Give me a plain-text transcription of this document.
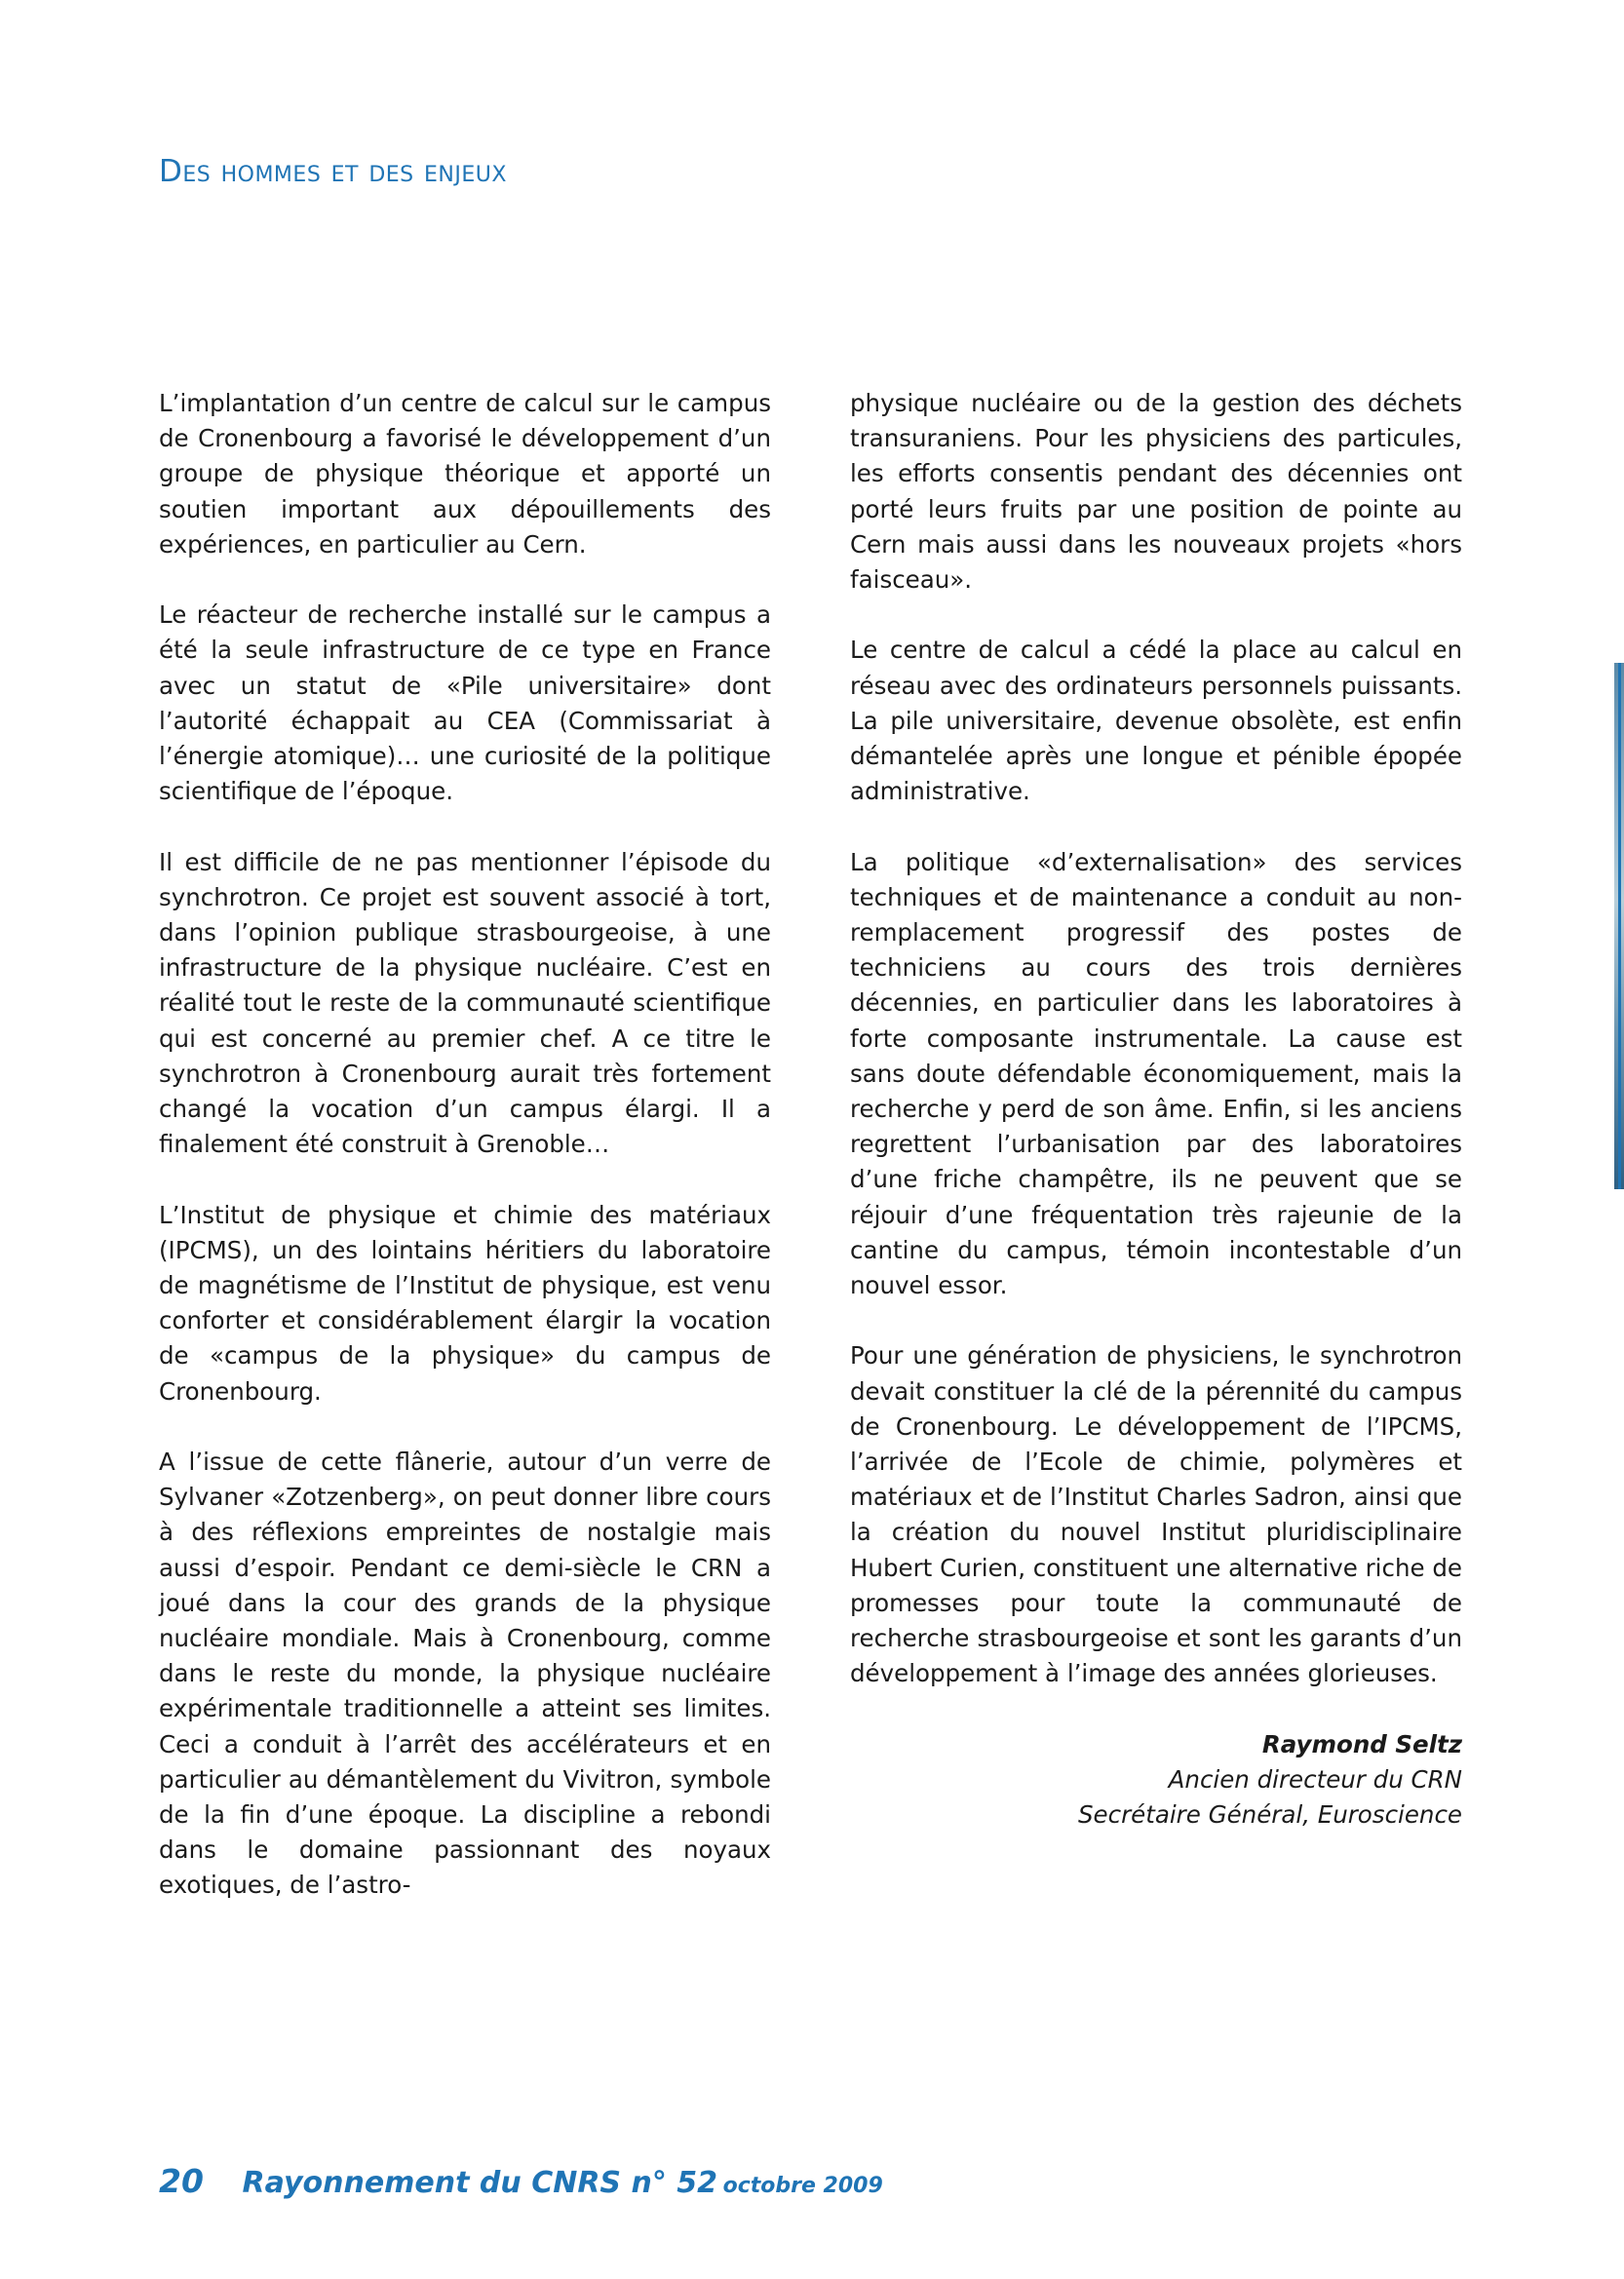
Des hommes et des enjeux

L’implantation d’un centre de calcul sur le campus de Cronenbourg a favorisé le développement d’un groupe de physique théorique et apporté un soutien important aux dépouillements des expériences, en particulier au Cern.

Le réacteur de recherche installé sur le campus a été la seule infrastructure de ce type en France avec un statut de «Pile universitaire» dont l’autorité échappait au CEA (Commissariat à l’énergie atomique)… une curiosité de la politique scientifique de l’époque.

Il est difficile de ne pas mentionner l’épisode du synchrotron. Ce projet est souvent associé à tort, dans l’opinion publique strasbourgeoise, à une infrastructure de la physique nucléaire. C’est en réalité tout le reste de la communauté scientifique qui est concerné au premier chef. A ce titre le synchrotron à Cronenbourg aurait très fortement changé la vocation d’un campus élargi. Il a finalement été construit à Grenoble…

L’Institut de physique et chimie des matériaux (IPCMS), un des lointains héritiers du laboratoire de magnétisme de l’Institut de physique, est venu conforter et considérablement élargir la vocation de «campus de la physique» du campus de Cronenbourg.

A l’issue de cette flânerie, autour d’un verre de Sylvaner «Zotzenberg», on peut donner libre cours à des réflexions empreintes de nostalgie mais aussi d’espoir. Pendant ce demi-siècle le CRN a joué dans la cour des grands de la physique nucléaire mondiale. Mais à Cronenbourg, comme dans le reste du monde, la physique nucléaire expérimentale traditionnelle a atteint ses limites. Ceci a conduit à l’arrêt des accélérateurs et en particulier au démantèlement du Vivitron, symbole de la fin d’une époque. La discipline a rebondi dans le domaine passionnant des noyaux exotiques, de l’astro-

physique nucléaire ou de la gestion des déchets transuraniens. Pour les physiciens des particules, les efforts consentis pendant des décennies ont porté leurs fruits par une position de pointe au Cern mais aussi dans les nouveaux projets «hors faisceau».

Le centre de calcul a cédé la place au calcul en réseau avec des ordinateurs personnels puissants. La pile universitaire, devenue obsolète, est enfin démantelée après une longue et pénible épopée administrative.

La politique «d’externalisation» des services techniques et de maintenance a conduit au non-remplacement progressif des postes de techniciens au cours des trois dernières décennies, en particulier dans les laboratoires à forte composante instrumentale. La cause est sans doute défendable économiquement, mais la recherche y perd de son âme. Enfin, si les anciens regrettent l’urbanisation par des laboratoires d’une friche champêtre, ils ne peuvent que se réjouir d’une fréquentation très rajeunie de la cantine du campus, témoin incontestable d’un nouvel essor.

Pour une génération de physiciens, le synchrotron devait constituer la clé de la pérennité du campus de Cronenbourg. Le développement de l’IPCMS, l’arrivée de l’Ecole de chimie, polymères et matériaux et de l’Institut Charles Sadron, ainsi que la création du nouvel Institut pluridisciplinaire Hubert Curien, constituent une alternative riche de promesses pour toute la communauté de recherche strasbourgeoise et sont les garants d’un développement à l’image des années glorieuses.

Raymond Seltz
Ancien directeur du CRN
Secrétaire Général, Euroscience
20 Rayonnement du CNRS n° 52 octobre 2009
